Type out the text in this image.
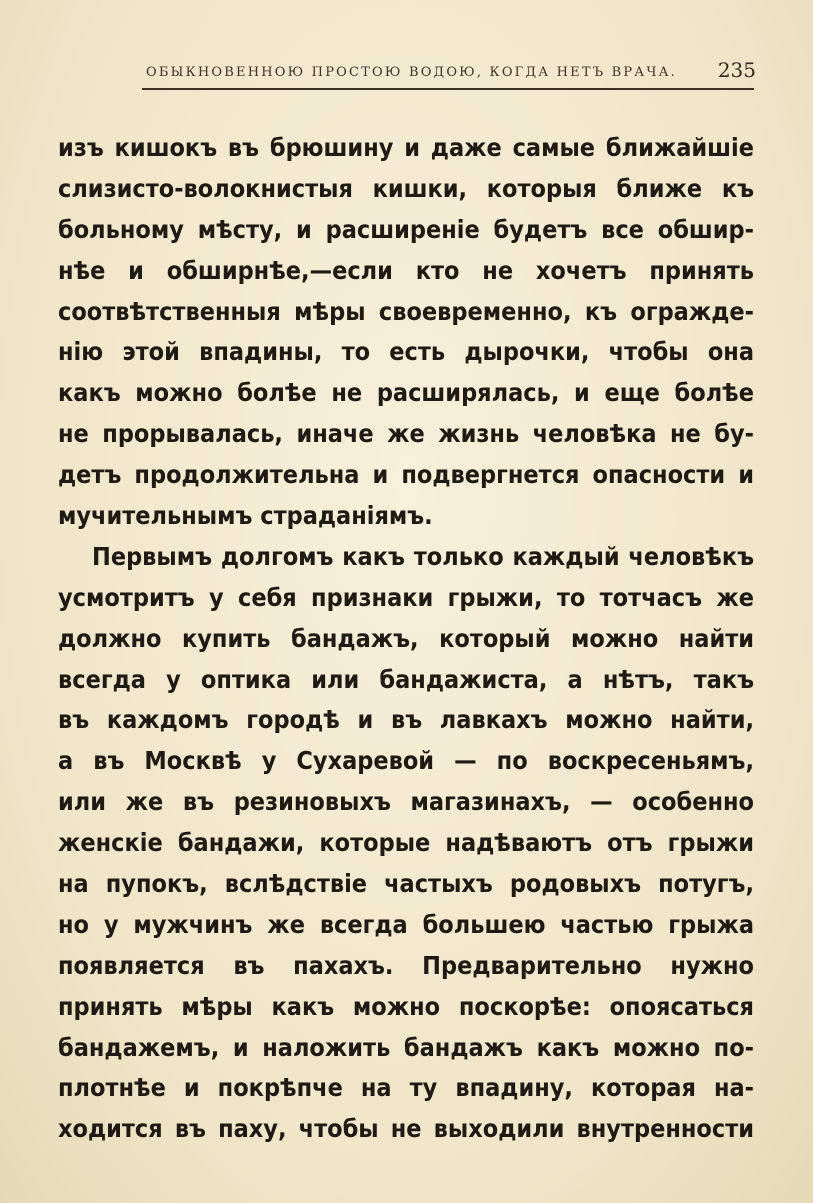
ОБЫКНОВЕННОЮ ПРОСТОЮ ВОДОЮ, КОГДА НЕТЪ ВРАЧА. 235
изъ кишокъ въ брюшину и даже самые ближайшіе
слизисто-волокнистыя кишки, которыя ближе къ
больному мѣсту, и расширеніе будетъ все обшир-
нѣе и обширнѣе,—если кто не хочетъ принять
соотвѣтственныя мѣры своевременно, къ огражде-
нію этой впадины, то есть дырочки, чтобы она
какъ можно болѣе не расширялась, и еще болѣе
не прорывалась, иначе же жизнь человѣка не бу-
детъ продолжительна и подвергнется опасности и
мучительнымъ страданіямъ.
Первымъ долгомъ какъ только каждый человѣкъ
усмотритъ у себя признаки грыжи, то тотчасъ же
должно купить бандажъ, который можно найти
всегда у оптика или бандажиста, а нѣтъ, такъ
въ каждомъ городѣ и въ лавкахъ можно найти,
а въ Москвѣ у Сухаревой — по воскресеньямъ,
или же въ резиновыхъ магазинахъ, — особенно
женскіе бандажи, которые надѣваютъ отъ грыжи
на пупокъ, вслѣдствіе частыхъ родовыхъ потугъ,
но у мужчинъ же всегда большею частью грыжа
появляется въ пахахъ. Предварительно нужно
принять мѣры какъ можно поскорѣе: опоясаться
бандажемъ, и наложить бандажъ какъ можно по-
плотнѣе и покрѣпче на ту впадину, которая на-
ходится въ паху, чтобы не выходили внутренности
